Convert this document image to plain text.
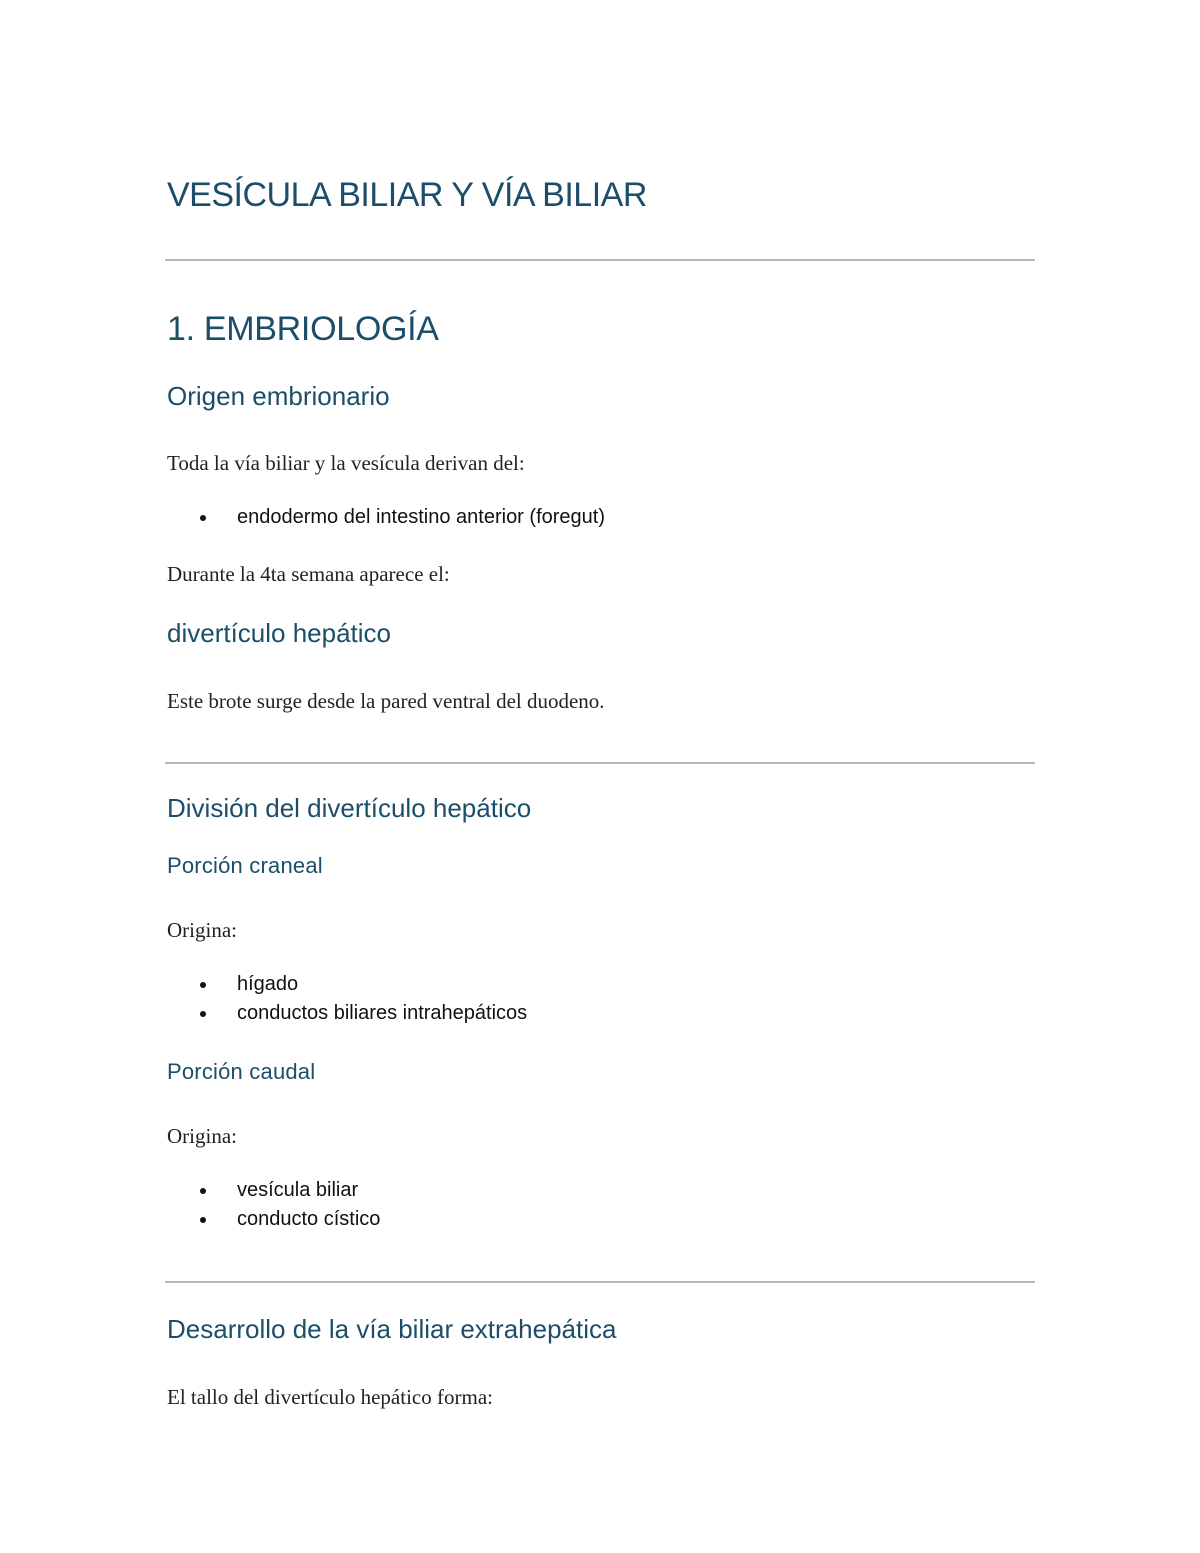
VESÍCULA BILIAR Y VÍA BILIAR
1. EMBRIOLOGÍA
Origen embrionario

Toda la vía biliar y la vesícula derivan del:

endodermo del intestino anterior (foregut)

Durante la 4ta semana aparece el:

divertículo hepático

Este brote surge desde la pared ventral del duodeno.

División del divertículo hepático
Porción craneal

Origina:

hígado
conductos biliares intrahepáticos
Porción caudal

Origina:

vesícula biliar
conducto cístico
Desarrollo de la vía biliar extrahepática

El tallo del divertículo hepático forma:
